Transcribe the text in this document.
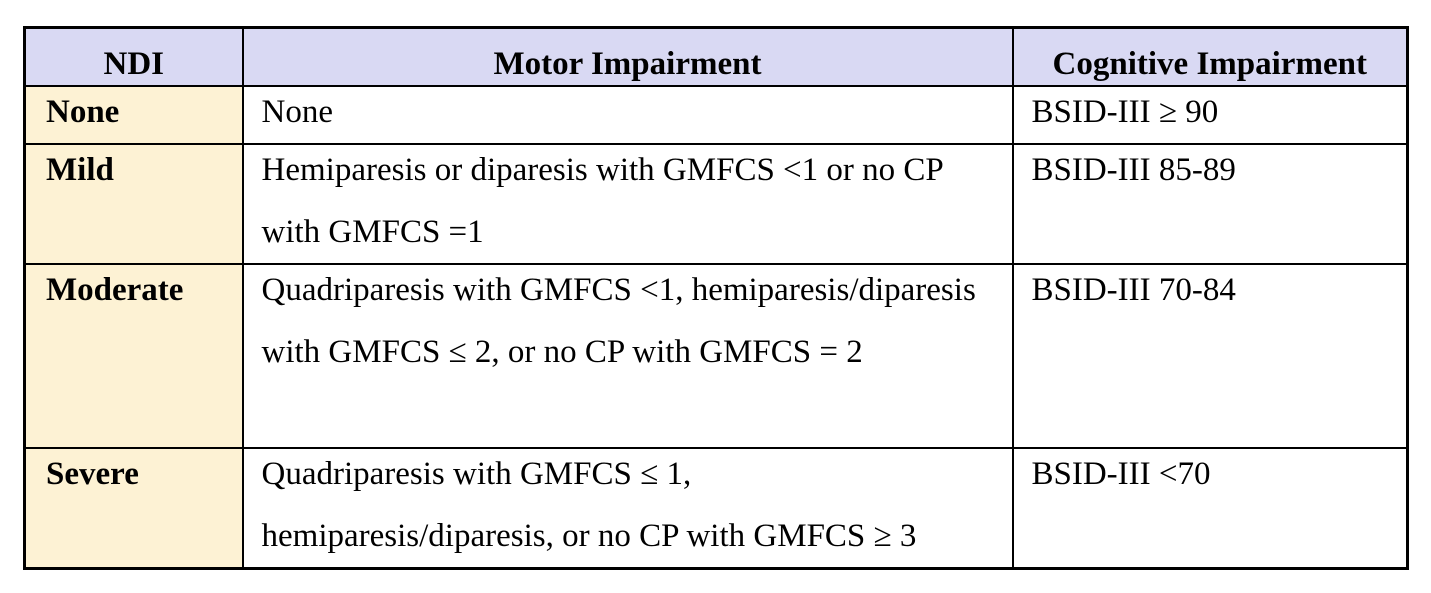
NDI	Motor Impairment	Cognitive Impairment

None	None	BSID-III ≥ 90

Mild	Hemiparesis or diparesis with GMFCS <1 or no CP with GMFCS =1	BSID-III 85-89

Moderate	Quadriparesis with GMFCS <1, hemiparesis/diparesis with GMFCS ≤ 2, or no CP with GMFCS = 2	BSID-III 70-84

Severe	Quadriparesis with GMFCS ≤ 1, hemiparesis/diparesis, or no CP with GMFCS ≥ 3	BSID-III <70
